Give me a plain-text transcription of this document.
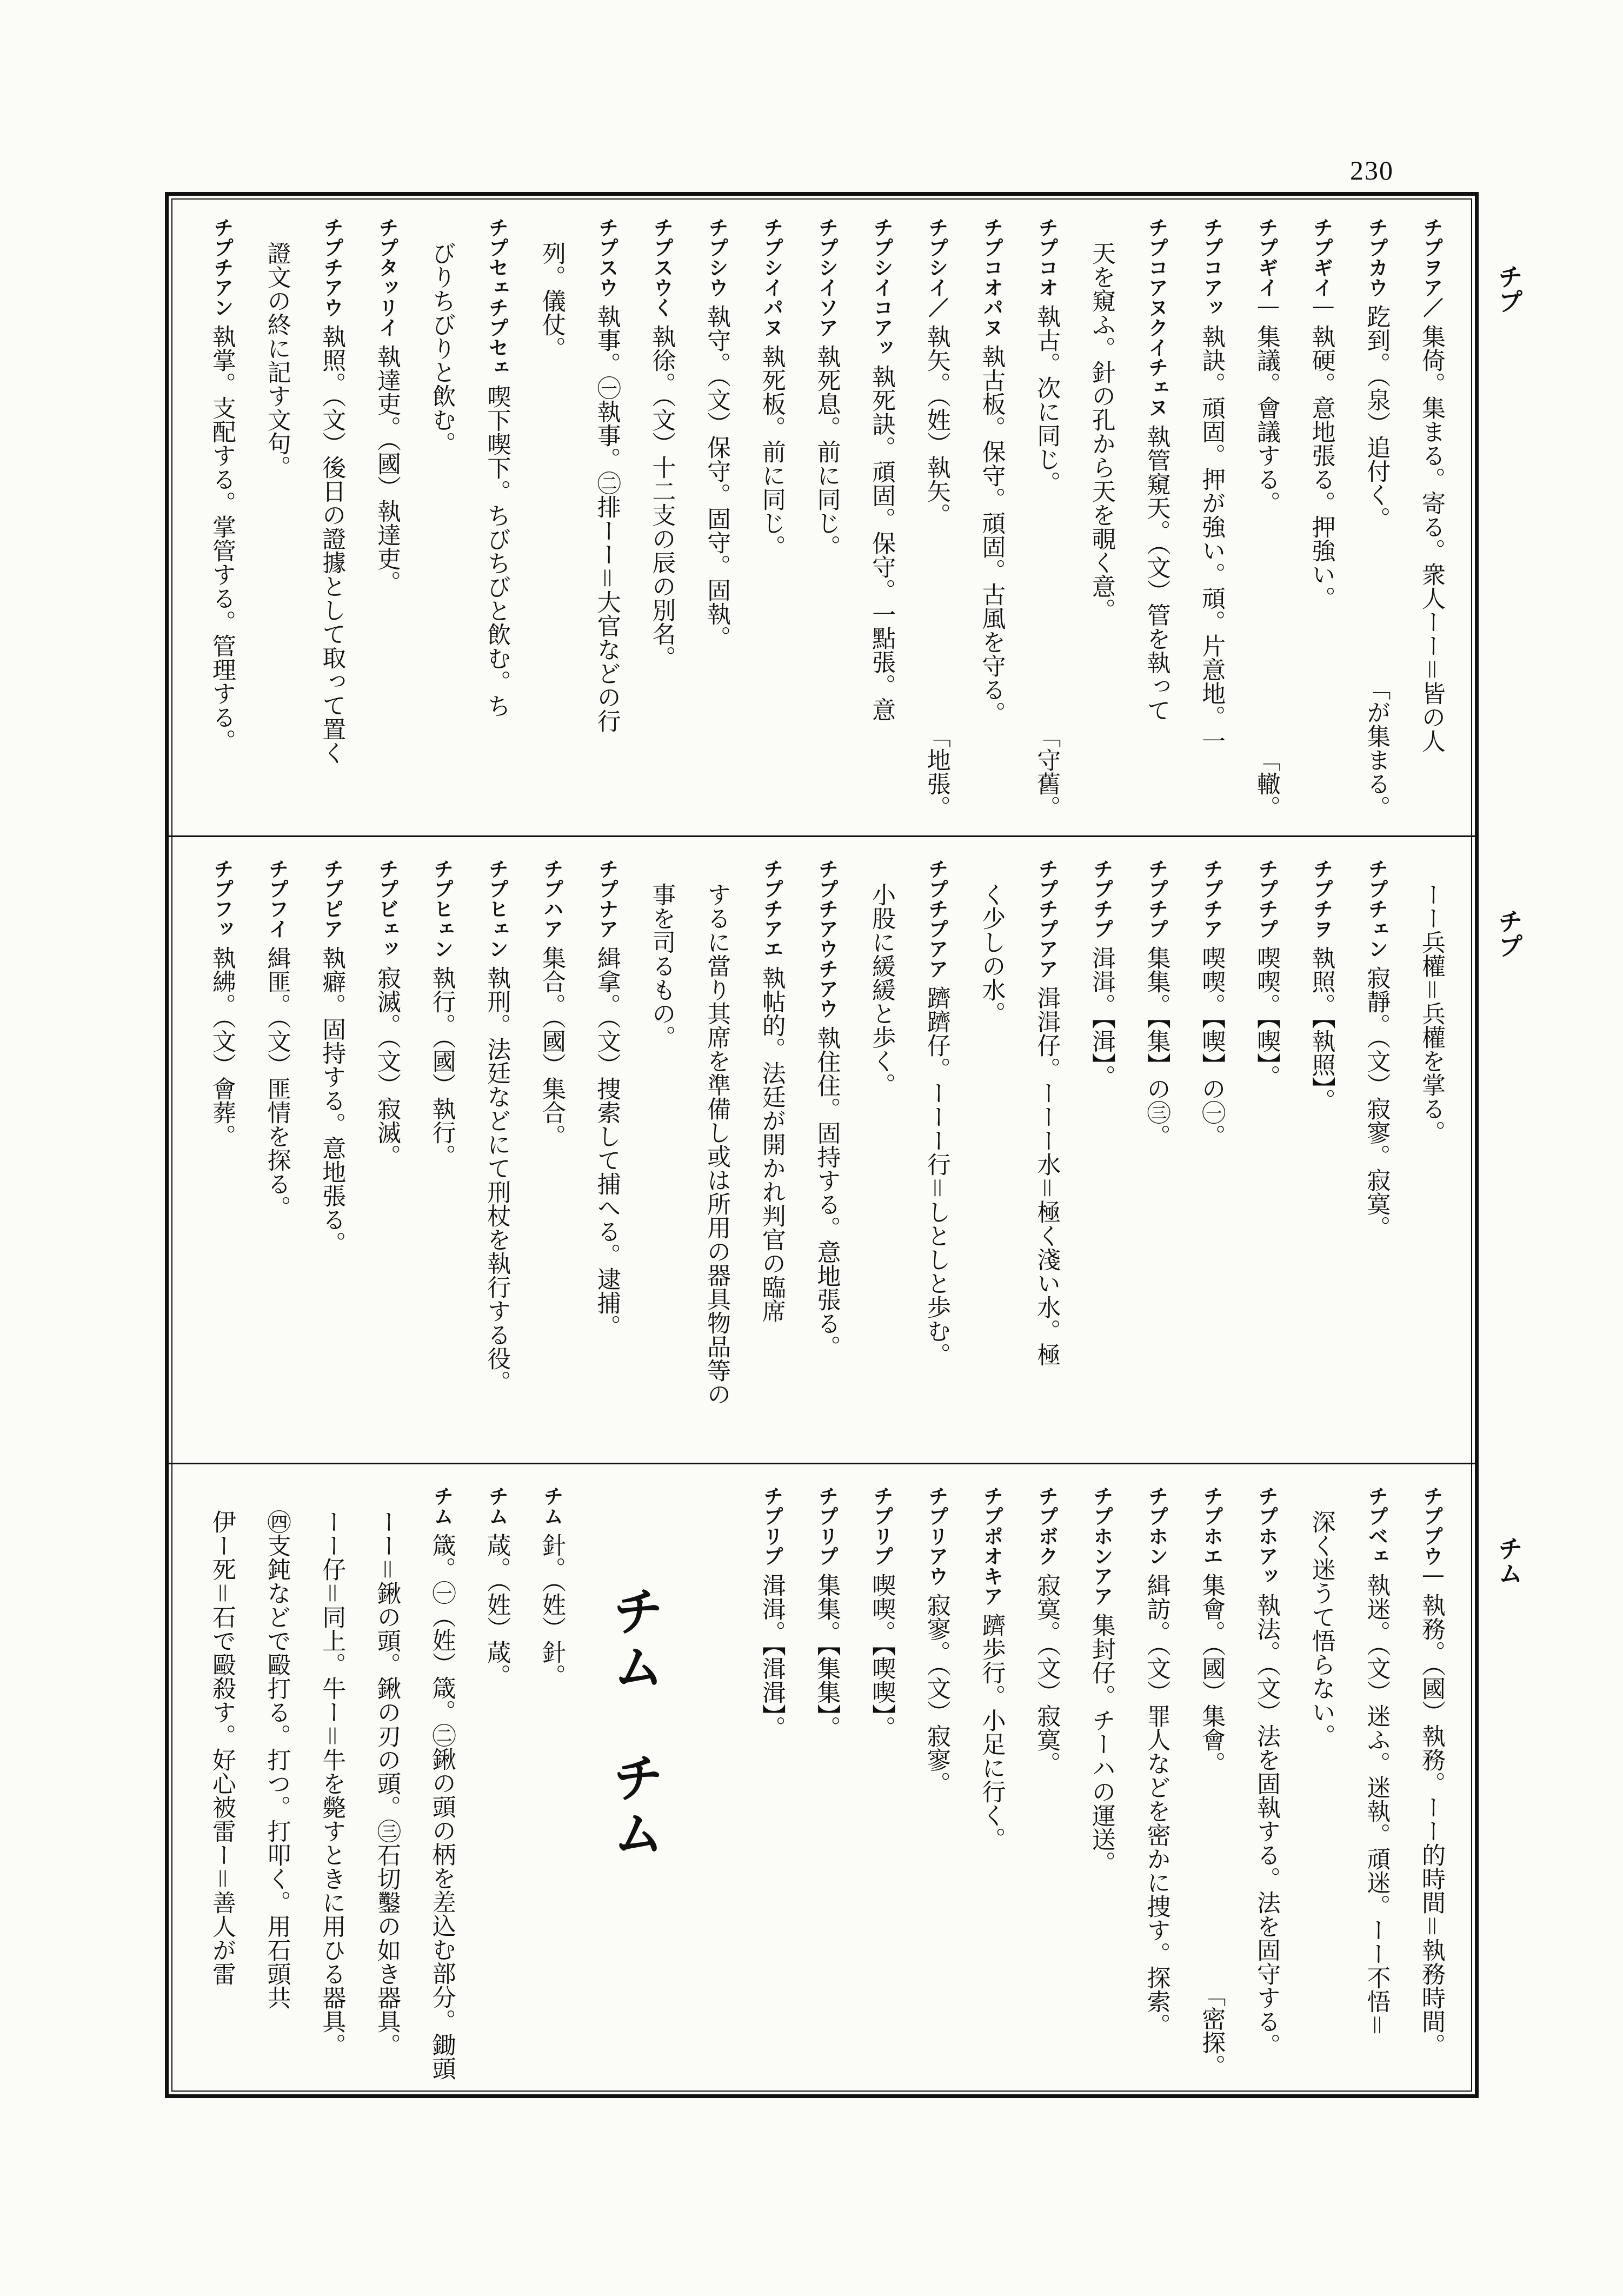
230
チプ
チプ
チム
チプヲア／集倚。集まる。寄る。衆人ーー＝皆の人
チプカウ趷到。（泉）追付く。
「が集まる。
チプギイ｜執硬。意地張る。押強い。
チプギイ｜集議。會議する。
「轍。
チプコアッ執訣。頑固。押が強い。頑。片意地。一
チプコアヌクイチェヌ執管窺天。（文）管を執って
天を窺ふ。針の孔から天を覗く意。
チプコオ執古。次に同じ。
「守舊。
チプコオパヌ執古板。保守。頑固。古風を守る。
チプシイ／執矢。（姓）執矢。
「地張。
チプシイコアッ執死訣。頑固。保守。一點張。意
チプシイソア執死息。前に同じ。
チプシイパヌ執死板。前に同じ。
チプシウ執守。（文）保守。固守。固執。
チプスウく執徐。（文）十二支の辰の別名。
チプスウ執事。㊀執事。㊁排ーー＝大官などの行
列。儀仗。
チプセェチプセェ喫下喫下。ちびちびと飲む。ち
びりちびりと飲む。
チプタッリイ執達吏。（國）執達吏。
チプチアウ執照。（文）後日の證據として取って置く
證文の終に記す文句。
チプチアン執掌。支配する。掌管する。管理する。
ーー兵權＝兵權を掌る。
チプチェン寂靜。（文）寂寥。寂寞。
チプチヲ執照。【執照】。
チプチプ喫喫。【喫】。
チプチア喫喫。【喫】の㊀。
チプチプ集集。【集】の㊂。
チプチプ湒湒。【湒】。
チプチプアア湒湒仔。ーーー水＝極く淺い水。極
く少しの水。
チプチプアア躋躋仔。ーーー行＝しとしと歩む。
小股に緩緩と歩く。
チプチアウチアウ執住住。固持する。意地張る。
チプチアエ執帖的。法廷が開かれ判官の臨席
するに當り其席を準備し或は所用の器具物品等の
事を司るもの。
チプナア緝拿。（文）捜索して捕へる。逮捕。
チプハア集合。（國）集合。
チプヒェン執刑。法廷などにて刑杖を執行する役。
チプヒェン執行。（國）執行。
チプビェッ寂滅。（文）寂滅。
チプピア執癖。固持する。意地張る。
チプフイ緝匪。（文）匪情を探る。
チプフッ執紼。（文）會葬。
チププウ｜執務。（國）執務。ーー的時間＝執務時間。
チプベェ執迷。（文）迷ふ。迷執。頑迷。ーー不悟＝
深く迷うて悟らない。
チプホアッ執法。（文）法を固執する。法を固守する。
チプホエ集會。（國）集會。
「密探。
チプホン緝訪。（文）罪人などを密かに捜す。探索。
チプホンアア集封仔。チーハの運送。
チプボク寂寞。（文）寂寞。
チプポオキア躋歩行。小足に行く。
チプリアウ寂寥。（文）寂寥。
チプリプ喫喫。【喫喫】。
チプリプ集集。【集集】。
チプリプ湒湒。【湒湒】。
チム
チム
チム針。（姓）針。
チム葴。（姓）葴。
チム箴。㊀（姓）箴。㊁鍬の頭の柄を差込む部分。鋤頭
ーー＝鍬の頭。鍬の刃の頭。㊂石切鑿の如き器具。
ーー仔＝同上。牛ー＝牛を斃すときに用ひる器具。
㊃支鈍などで毆打る。打つ。打叩く。用石頭共
伊ー死＝石で毆殺す。好心被雷ー＝善人が雷
